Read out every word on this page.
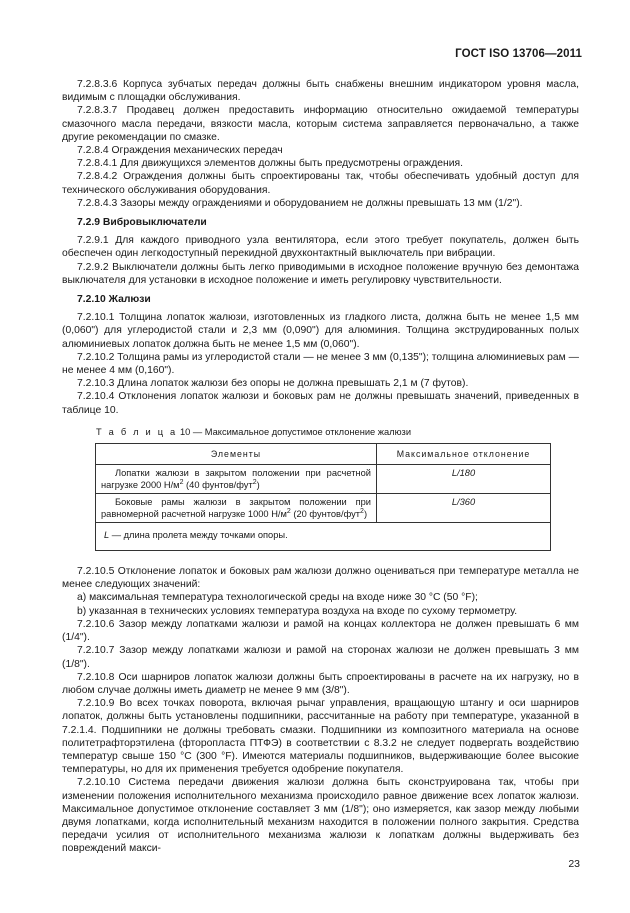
ГОСТ ISO 13706—2011

7.2.8.3.6 Корпуса зубчатых передач должны быть снабжены внешним индикатором уровня масла, видимым с площадки обслуживания.

7.2.8.3.7 Продавец должен предоставить информацию относительно ожидаемой температуры смазочного масла передачи, вязкости масла, которым система заправляется первоначально, а также другие рекомендации по смазке.

7.2.8.4 Ограждения механических передач

7.2.8.4.1 Для движущихся элементов должны быть предусмотрены ограждения.

7.2.8.4.2 Ограждения должны быть спроектированы так, чтобы обеспечивать удобный доступ для технического обслуживания оборудования.

7.2.8.4.3 Зазоры между ограждениями и оборудованием не должны превышать 13 мм (1/2").

7.2.9 Вибровыключатели

7.2.9.1 Для каждого приводного узла вентилятора, если этого требует покупатель, должен быть обеспечен один легкодоступный перекидной двухконтактный выключатель при вибрации.

7.2.9.2 Выключатели должны быть легко приводимыми в исходное положение вручную без демонтажа выключателя для установки в исходное положение и иметь регулировку чувствительности.

7.2.10 Жалюзи

7.2.10.1 Толщина лопаток жалюзи, изготовленных из гладкого листа, должна быть не менее 1,5 мм (0,060") для углеродистой стали и 2,3 мм (0,090") для алюминия. Толщина экструдированных полых алюминиевых лопаток должна быть не менее 1,5 мм (0,060").

7.2.10.2 Толщина рамы из углеродистой стали — не менее 3 мм (0,135"); толщина алюминиевых рам — не менее 4 мм (0,160").

7.2.10.3 Длина лопаток жалюзи без опоры не должна превышать 2,1 м (7 футов).

7.2.10.4 Отклонения лопаток жалюзи и боковых рам не должны превышать значений, приведенных в таблице 10.

Т а б л и ц а 10 — Максимальное допустимое отклонение жалюзи
Элементы	Максимальное отклонение
Лопатки жалюзи в закрытом положении при расчетной нагрузке 2000 $Н/м^2$ (40 фунтов/фут$^2$)	L/180
Боковые рамы жалюзи в закрытом положении при равномерной расчетной нагрузке 1000 $Н/м^2$ (20 фунтов/фут$^2$)	L/360
L — длина пролета между точками опоры.	

7.2.10.5 Отклонение лопаток и боковых рам жалюзи должно оцениваться при температуре металла не менее следующих значений:

a) максимальная температура технологической среды на входе ниже 30 °С (50 °F);

b) указанная в технических условиях температура воздуха на входе по сухому термометру.

7.2.10.6 Зазор между лопатками жалюзи и рамой на концах коллектора не должен превышать 6 мм (1/4").

7.2.10.7 Зазор между лопатками жалюзи и рамой на сторонах жалюзи не должен превышать 3 мм (1/8").

7.2.10.8 Оси шарниров лопаток жалюзи должны быть спроектированы в расчете на их нагрузку, но в любом случае должны иметь диаметр не менее 9 мм (3/8").

7.2.10.9 Во всех точках поворота, включая рычаг управления, вращающую штангу и оси шарниров лопаток, должны быть установлены подшипники, рассчитанные на работу при температуре, указанной в 7.2.1.4. Подшипники не должны требовать смазки. Подшипники из композитного материала на основе политетрафторэтилена (фторопласта ПТФЭ) в соответствии с 8.3.2 не следует подвергать воздействию температур свыше 150 °С (300 °F). Имеются материалы подшипников, выдерживающие более высокие температуры, но для их применения требуется одобрение покупателя.

7.2.10.10 Система передачи движения жалюзи должна быть сконструирована так, чтобы при изменении положения исполнительного механизма происходило равное движение всех лопаток жалюзи. Максимальное допустимое отклонение составляет 3 мм (1/8"); оно измеряется, как зазор между любыми двумя лопатками, когда исполнительный механизм находится в положении полного закрытия. Средства передачи усилия от исполнительного механизма жалюзи к лопаткам должны выдерживать без повреждений макси-

23
